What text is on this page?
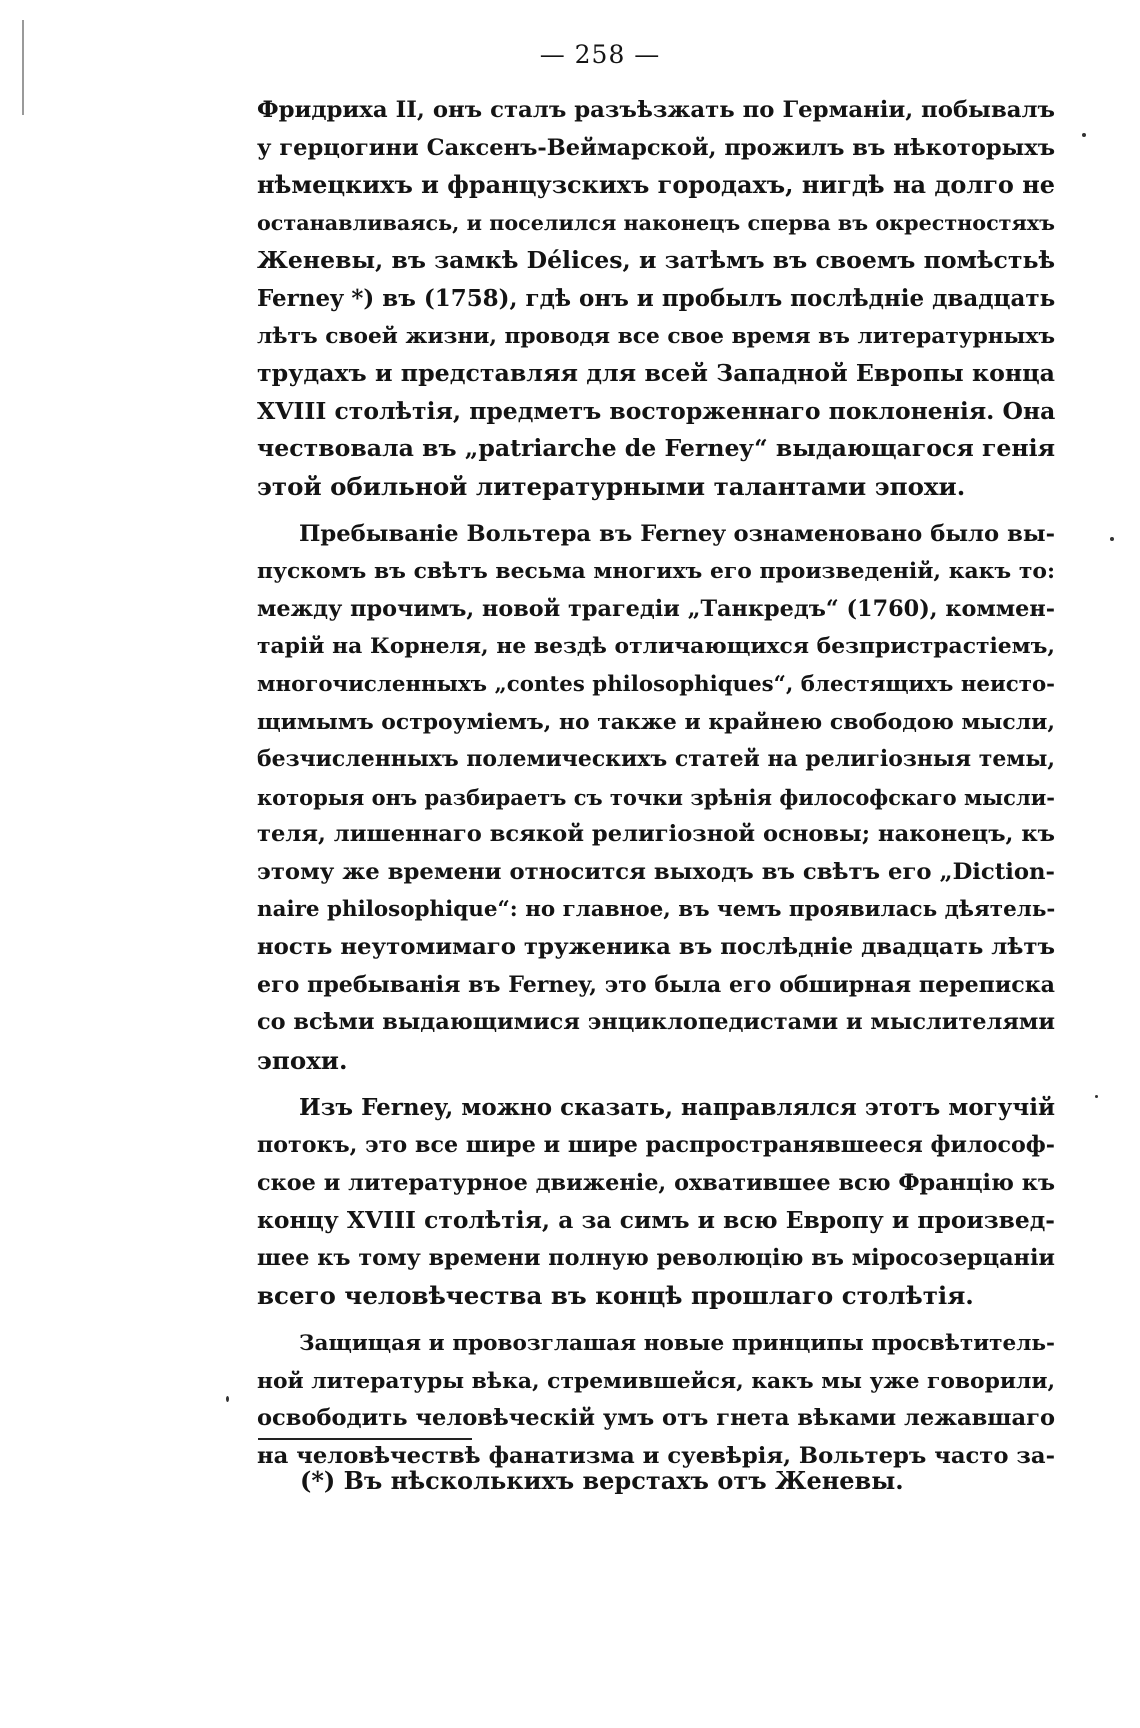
— 258 —
Фридриха II, онъ сталъ разъѣзжать по Германіи, побывалъ
у герцогини Саксенъ-Веймарской, прожилъ въ нѣкоторыхъ
нѣмецкихъ и французскихъ городахъ, нигдѣ на долго не
останавливаясь, и поселился наконецъ сперва въ окрестностяхъ
Женевы, въ замкѣ Délices, и затѣмъ въ своемъ помѣстьѣ
Ferney *) въ (1758), гдѣ онъ и пробылъ послѣдніе двадцать
лѣтъ своей жизни, проводя все свое время въ литературныхъ
трудахъ и представляя для всей Западной Европы конца
XVIII столѣтія, предметъ восторженнаго поклоненія. Она
чествовала въ „patriarche de Ferney“ выдающагося генія
этой обильной литературными талантами эпохи.
Пребываніе Вольтера въ Ferney ознаменовано было вы-
пускомъ въ свѣтъ весьма многихъ его произведеній, какъ то:
между прочимъ, новой трагедіи „Танкредъ“ (1760), коммен-
тарій на Корнеля, не вездѣ отличающихся безпристрастіемъ,
многочисленныхъ „contes philosophiques“, блестящихъ неисто-
щимымъ остроуміемъ, но также и крайнею свободою мысли,
безчисленныхъ полемическихъ статей на религіозныя темы,
которыя онъ разбираетъ съ точки зрѣнія философскаго мысли-
теля, лишеннаго всякой религіозной основы; наконецъ, къ
этому же времени относится выходъ въ свѣтъ его „Diction-
naire philosophique“: но главное, въ чемъ проявилась дѣятель-
ность неутомимаго труженика въ послѣдніе двадцать лѣтъ
его пребыванія въ Ferney, это была его обширная переписка
со всѣми выдающимися энциклопедистами и мыслителями
эпохи.
Изъ Ferney, можно сказать, направлялся этотъ могучій
потокъ, это все шире и шире распространявшееся философ-
ское и литературное движеніе, охватившее всю Францію къ
концу XVIII столѣтія, а за симъ и всю Европу и произвед-
шее къ тому времени полную революцію въ міросозерцаніи
всего человѣчества въ концѣ прошлаго столѣтія.
Защищая и провозглашая новые принципы просвѣтитель-
ной литературы вѣка, стремившейся, какъ мы уже говорили,
освободить человѣческій умъ отъ гнета вѣками лежавшаго
на человѣчествѣ фанатизма и суевѣрія, Вольтеръ часто за-
(*) Въ нѣсколькихъ верстахъ отъ Женевы.
